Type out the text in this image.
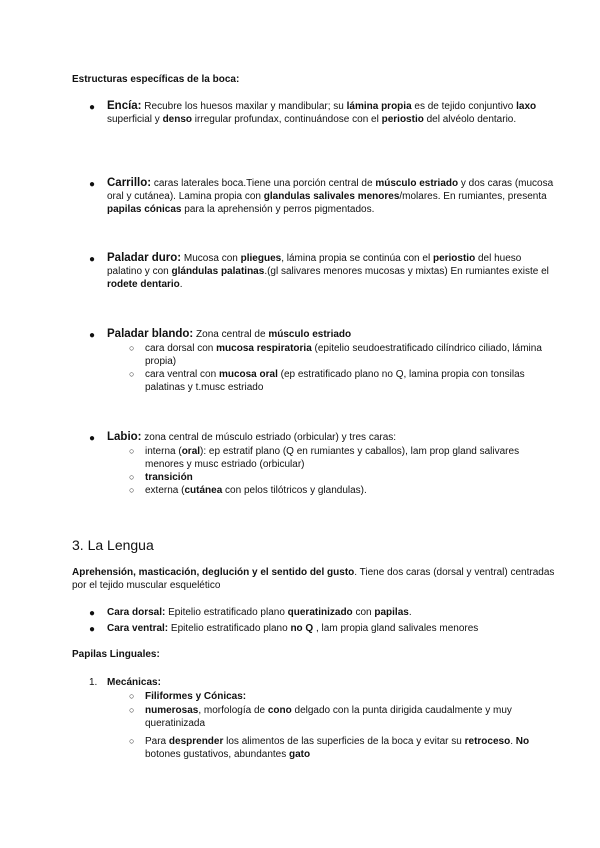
Estructuras específicas de la boca:
● Encía: Recubre los huesos maxilar y mandibular; su lámina propia es de tejido conjuntivo laxo superficial y denso irregular profundax, continuándose con el periostio del alvéolo dentario.
● Carrillo: caras laterales boca.Tiene una porción central de músculo estriado y dos caras (mucosa oral y cutánea). Lamina propia con glandulas salivales menores/molares. En rumiantes, presenta papilas cónicas para la aprehensión y perros pigmentados.
● Paladar duro: Mucosa con pliegues, lámina propia se continúa con el periostio del hueso palatino y con glándulas palatinas.(gl salivares menores mucosas y mixtas) En rumiantes existe el rodete dentario.
● Paladar blando: Zona central de músculo estriado
○ cara dorsal con mucosa respiratoria (epitelio seudoestratificado cilíndrico ciliado, lámina propia)
○ cara ventral con mucosa oral (ep estratificado plano no Q, lamina propia con tonsilas palatinas y t.musc estriado
● Labio: zona central de músculo estriado (orbicular) y tres caras:
○ interna (oral): ep estratif plano (Q en rumiantes y caballos), lam prop gland salivares menores y musc estriado (orbicular)
○ transición
○ externa (cutánea con pelos tilótricos y glandulas).
3. La Lengua
Aprehensión, masticación, deglución y el sentido del gusto. Tiene dos caras (dorsal y ventral) centradas por el tejido muscular esquelético
● Cara dorsal: Epitelio estratificado plano queratinizado con papilas.
● Cara ventral: Epitelio estratificado plano no Q , lam propia gland salivales menores
Papilas Linguales:
1. Mecánicas:
○ Filiformes y Cónicas:
○ numerosas, morfología de cono delgado con la punta dirigida caudalmente y muy queratinizada
○ Para desprender los alimentos de las superficies de la boca y evitar su retroceso. No botones gustativos, abundantes gato
